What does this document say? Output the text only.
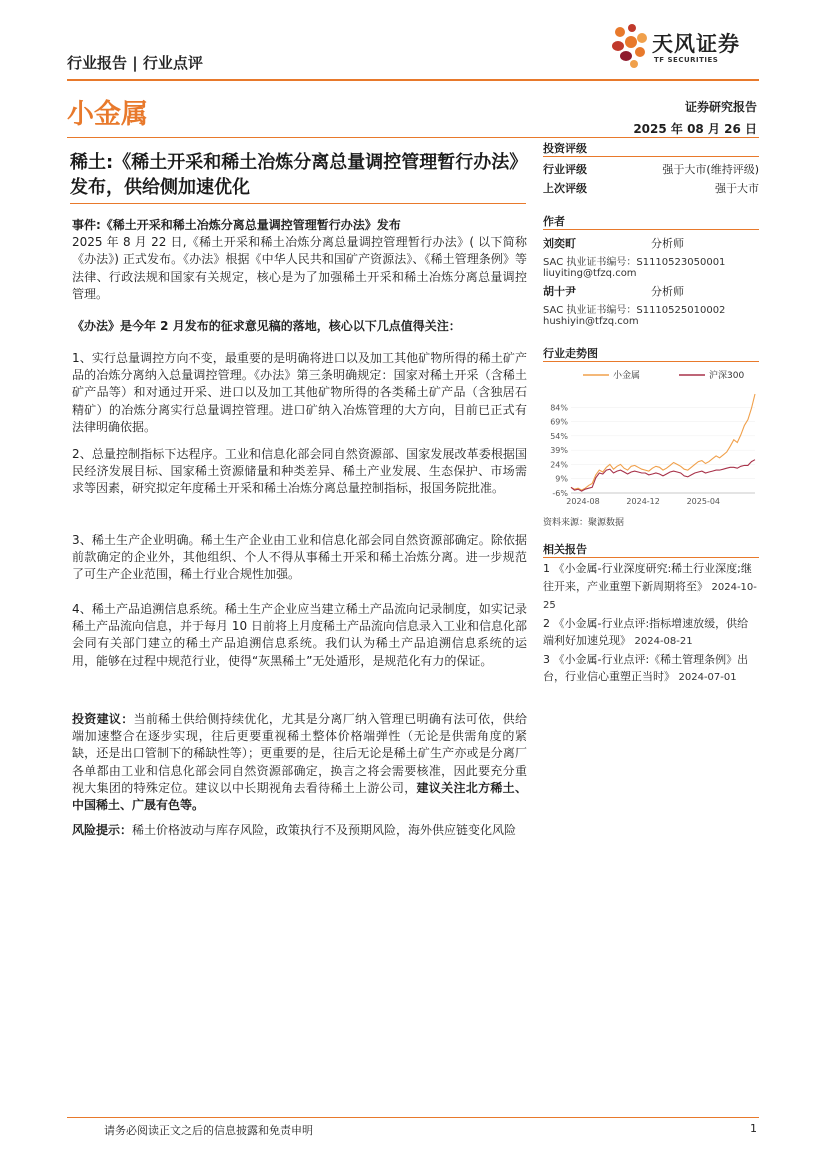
行业报告 | 行业点评
天风证券
TF SECURITIES
小金属	证券研究报告
2025 年 08 月 26 日
稀土:《稀土开采和稀土冶炼分离总量调控管理暂行办法》发布，供给侧加速优化

事件:《稀土开采和稀土冶炼分离总量调控管理暂行办法》发布

2025 年 8 月 22 日,《稀土开采和稀土冶炼分离总量调控管理暂行办法》( 以下简称《办法》) 正式发布。《办法》根据《中华人民共和国矿产资源法》、《稀土管理条例》等法律、行政法规和国家有关规定，核心是为了加强稀土开采和稀土冶炼分离总量调控管理。

《办法》是今年 2 月发布的征求意见稿的落地，核心以下几点值得关注：

1、实行总量调控方向不变，最重要的是明确将进口以及加工其他矿物所得的稀土矿产品的冶炼分离纳入总量调控管理。《办法》第三条明确规定：国家对稀土开采（含稀土矿产品等）和对通过开采、进口以及加工其他矿物所得的各类稀土矿产品（含独居石精矿）的冶炼分离实行总量调控管理。进口矿纳入冶炼管理的大方向，目前已正式有法律明确依据。

2、总量控制指标下达程序。工业和信息化部会同自然资源部、国家发展改革委根据国民经济发展目标、国家稀土资源储量和种类差异、稀土产业发展、生态保护、市场需求等因素，研究拟定年度稀土开采和稀土冶炼分离总量控制指标，报国务院批准。

3、稀土生产企业明确。稀土生产企业由工业和信息化部会同自然资源部确定。除依据前款确定的企业外，其他组织、个人不得从事稀土开采和稀土冶炼分离。进一步规范了可生产企业范围，稀土行业合规性加强。

4、稀土产品追溯信息系统。稀土生产企业应当建立稀土产品流向记录制度，如实记录稀土产品流向信息，并于每月 10 日前将上月度稀土产品流向信息录入工业和信息化部会同有关部门建立的稀土产品追溯信息系统。我们认为稀土产品追溯信息系统的运用，能够在过程中规范行业，使得“灰黑稀土”无处遁形，是规范化有力的保证。

投资建议：当前稀土供给侧持续优化，尤其是分离厂纳入管理已明确有法可依，供给端加速整合在逐步实现，往后更要重视稀土整体价格端弹性（无论是供需角度的紧缺，还是出口管制下的稀缺性等）；更重要的是，往后无论是稀土矿生产亦或是分离厂各单都由工业和信息化部会同自然资源部确定，换言之将会需要核准，因此要充分重视大集团的特殊定位。建议以中长期视角去看待稀土上游公司，建议关注北方稀土、中国稀土、广晟有色等。

风险提示：稀土价格波动与库存风险，政策执行不及预期风险，海外供应链变化风险

投资评级
行业评级	强于大市(维持评级)
上次评级	强于大市
作者
刘奕町	分析师
SAC 执业证书编号：S1110523050001
liuyiting@tfzq.com
胡十尹	分析师
SAC 执业证书编号：S1110525010002
hushiyin@tfzq.com
行业走势图
小金属	沪深300
-6%
9%
24%
39%
54%
69%
84%
2024-08	2024-12	2025-04
资料来源：聚源数据
相关报告

1 《小金属-行业深度研究:稀土行业深度;继往开来，产业重塑下新周期将至》 2024-10-25

2 《小金属-行业点评:指标增速放缓，供给端利好加速兑现》 2024-08-21

3 《小金属-行业点评:《稀土管理条例》出台，行业信心重塑正当时》 2024-07-01

请务必阅读正文之后的信息披露和免责申明	1
